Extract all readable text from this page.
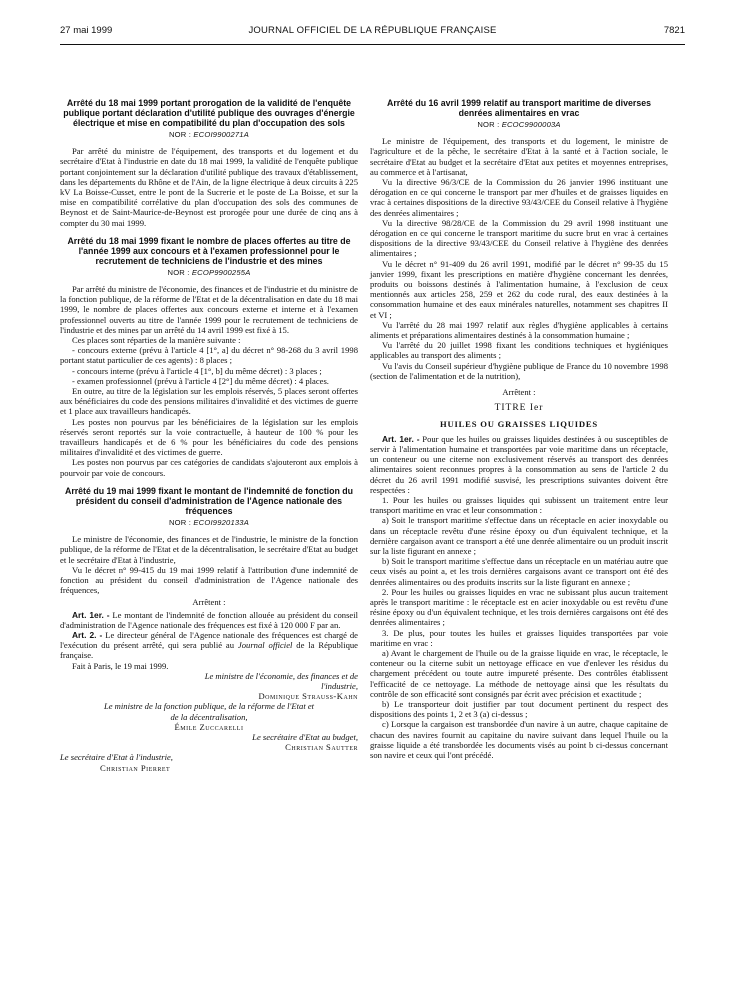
27 mai 1999	JOURNAL OFFICIEL DE LA RÉPUBLIQUE FRANÇAISE	7821
Arrêté du 18 mai 1999 portant prorogation de la validité de l'enquête publique portant déclaration d'utilité publique des ouvrages d'énergie électrique et mise en compatibilité du plan d'occupation des sols
NOR : ECOI9900271A

Par arrêté du ministre de l'équipement, des transports et du logement et du secrétaire d'Etat à l'industrie en date du 18 mai 1999, la validité de l'enquête publique portant conjointement sur la déclaration d'utilité publique des travaux d'établissement, dans les départements du Rhône et de l'Ain, de la ligne électrique à deux circuits à 225 kV La Boisse-Cusset, entre le pont de la Sucrerie et le poste de La Boisse, et sur la mise en compatibilité corrélative du plan d'occupation des sols des communes de Beynost et de Saint-Maurice-de-Beynost est prorogée pour une durée de cinq ans à compter du 30 mai 1999.

Arrêté du 18 mai 1999 fixant le nombre de places offertes au titre de l'année 1999 aux concours et à l'examen professionnel pour le recrutement de techniciens de l'industrie et des mines
NOR : ECOP9900255A

Par arrêté du ministre de l'économie, des finances et de l'industrie et du ministre de la fonction publique, de la réforme de l'Etat et de la décentralisation en date du 18 mai 1999, le nombre de places offertes aux concours externe et interne et à l'examen professionnel ouverts au titre de l'année 1999 pour le recrutement de techniciens de l'industrie et des mines par un arrêté du 14 avril 1999 est fixé à 15.

Ces places sont réparties de la manière suivante :

- concours externe (prévu à l'article 4 [1°, a] du décret n° 98-268 du 3 avril 1998 portant statut particulier de ces agents) : 8 places ;

- concours interne (prévu à l'article 4 [1°, b] du même décret) : 3 places ;

- examen professionnel (prévu à l'article 4 [2°] du même décret) : 4 places.

En outre, au titre de la législation sur les emplois réservés, 5 places seront offertes aux bénéficiaires du code des pensions militaires d'invalidité et des victimes de guerre et 1 place aux travailleurs handicapés.

Les postes non pourvus par les bénéficiaires de la législation sur les emplois réservés seront reportés sur la voie contractuelle, à hauteur de 100 % pour les travailleurs handicapés et de 6 % pour les bénéficiaires du code des pensions militaires d'invalidité et des victimes de guerre.

Les postes non pourvus par ces catégories de candidats s'ajouteront aux emplois à pourvoir par voie de concours.

Arrêté du 19 mai 1999 fixant le montant de l'indemnité de fonction du président du conseil d'administration de l'Agence nationale des fréquences
NOR : ECOI9920133A

Le ministre de l'économie, des finances et de l'industrie, le ministre de la fonction publique, de la réforme de l'Etat et de la décentralisation, le secrétaire d'Etat au budget et le secrétaire d'Etat à l'industrie,

Vu le décret n° 99-415 du 19 mai 1999 relatif à l'attribution d'une indemnité de fonction au président du conseil d'administration de l'Agence nationale des fréquences,

Arrêtent :

Art. 1er. - Le montant de l'indemnité de fonction allouée au président du conseil d'administration de l'Agence nationale des fréquences est fixé à 120 000 F par an.

Art. 2. - Le directeur général de l'Agence nationale des fréquences est chargé de l'exécution du présent arrêté, qui sera publié au Journal officiel de la République française.

Fait à Paris, le 19 mai 1999.

Le ministre de l'économie, des finances et de l'industrie,

Dominique Strauss-Kahn

Le ministre de la fonction publique, de la réforme de l'Etat et de la décentralisation,

Émile Zuccarelli

Le secrétaire d'Etat au budget,

Christian Sautter

Le secrétaire d'Etat à l'industrie,

Christian Pierret

Arrêté du 16 avril 1999 relatif au transport maritime de diverses denrées alimentaires en vrac
NOR : ECOC9900003A

Le ministre de l'équipement, des transports et du logement, le ministre de l'agriculture et de la pêche, le secrétaire d'Etat à la santé et à l'action sociale, le secrétaire d'Etat au budget et la secrétaire d'Etat aux petites et moyennes entreprises, au commerce et à l'artisanat,

Vu la directive 96/3/CE de la Commission du 26 janvier 1996 instituant une dérogation en ce qui concerne le transport par mer d'huiles et de graisses liquides en vrac à certaines dispositions de la directive 93/43/CEE du Conseil relative à l'hygiène des denrées alimentaires ;

Vu la directive 98/28/CE de la Commission du 29 avril 1998 instituant une dérogation en ce qui concerne le transport maritime du sucre brut en vrac à certaines dispositions de la directive 93/43/CEE du Conseil relative à l'hygiène des denrées alimentaires ;

Vu le décret n° 91-409 du 26 avril 1991, modifié par le décret n° 99-35 du 15 janvier 1999, fixant les prescriptions en matière d'hygiène concernant les denrées, produits ou boissons destinés à l'alimentation humaine, à l'exclusion de ceux mentionnés aux articles 258, 259 et 262 du code rural, des eaux destinées à la consommation humaine et des eaux minérales naturelles, notamment ses chapitres II et VI ;

Vu l'arrêté du 28 mai 1997 relatif aux règles d'hygiène applicables à certains aliments et préparations alimentaires destinés à la consommation humaine ;

Vu l'arrêté du 20 juillet 1998 fixant les conditions techniques et hygiéniques applicables au transport des aliments ;

Vu l'avis du Conseil supérieur d'hygiène publique de France du 10 novembre 1998 (section de l'alimentation et de la nutrition),

Arrêtent :

TITRE Ier

HUILES OU GRAISSES LIQUIDES

Art. 1er. - Pour que les huiles ou graisses liquides destinées à ou susceptibles de servir à l'alimentation humaine et transportées par voie maritime dans un réceptacle, un conteneur ou une citerne non exclusivement réservés au transport des denrées alimentaires soient reconnues propres à la consommation au sens de l'article 2 du décret du 26 avril 1991 modifié susvisé, les prescriptions suivantes doivent être respectées :

1. Pour les huiles ou graisses liquides qui subissent un traitement entre leur transport maritime en vrac et leur consommation :

a) Soit le transport maritime s'effectue dans un réceptacle en acier inoxydable ou dans un réceptacle revêtu d'une résine époxy ou d'un équivalent technique, et la dernière cargaison avant ce transport a été une denrée alimentaire ou un produit inscrit sur la liste figurant en annexe ;

b) Soit le transport maritime s'effectue dans un réceptacle en un matériau autre que ceux visés au point a, et les trois dernières cargaisons avant ce transport ont été des denrées alimentaires ou des produits inscrits sur la liste figurant en annexe ;

2. Pour les huiles ou graisses liquides en vrac ne subissant plus aucun traitement après le transport maritime : le réceptacle est en acier inoxydable ou est revêtu d'une résine époxy ou d'un équivalent technique, et les trois dernières cargaisons ont été des denrées alimentaires ;

3. De plus, pour toutes les huiles et graisses liquides transportées par voie maritime en vrac :

a) Avant le chargement de l'huile ou de la graisse liquide en vrac, le réceptacle, le conteneur ou la citerne subit un nettoyage efficace en vue d'enlever les résidus du chargement précédent ou toute autre impureté présente. Des contrôles établissent l'efficacité de ce nettoyage. La méthode de nettoyage ainsi que les résultats du contrôle de son efficacité sont consignés par écrit avec précision et exactitude ;

b) Le transporteur doit justifier par tout document pertinent du respect des dispositions des points 1, 2 et 3 (a) ci-dessus ;

c) Lorsque la cargaison est transbordée d'un navire à un autre, chaque capitaine de chacun des navires fournit au capitaine du navire suivant dans lequel l'huile ou la graisse liquide a été transbordée les documents visés au point b ci-dessus concernant son navire et ceux qui l'ont précédé.
